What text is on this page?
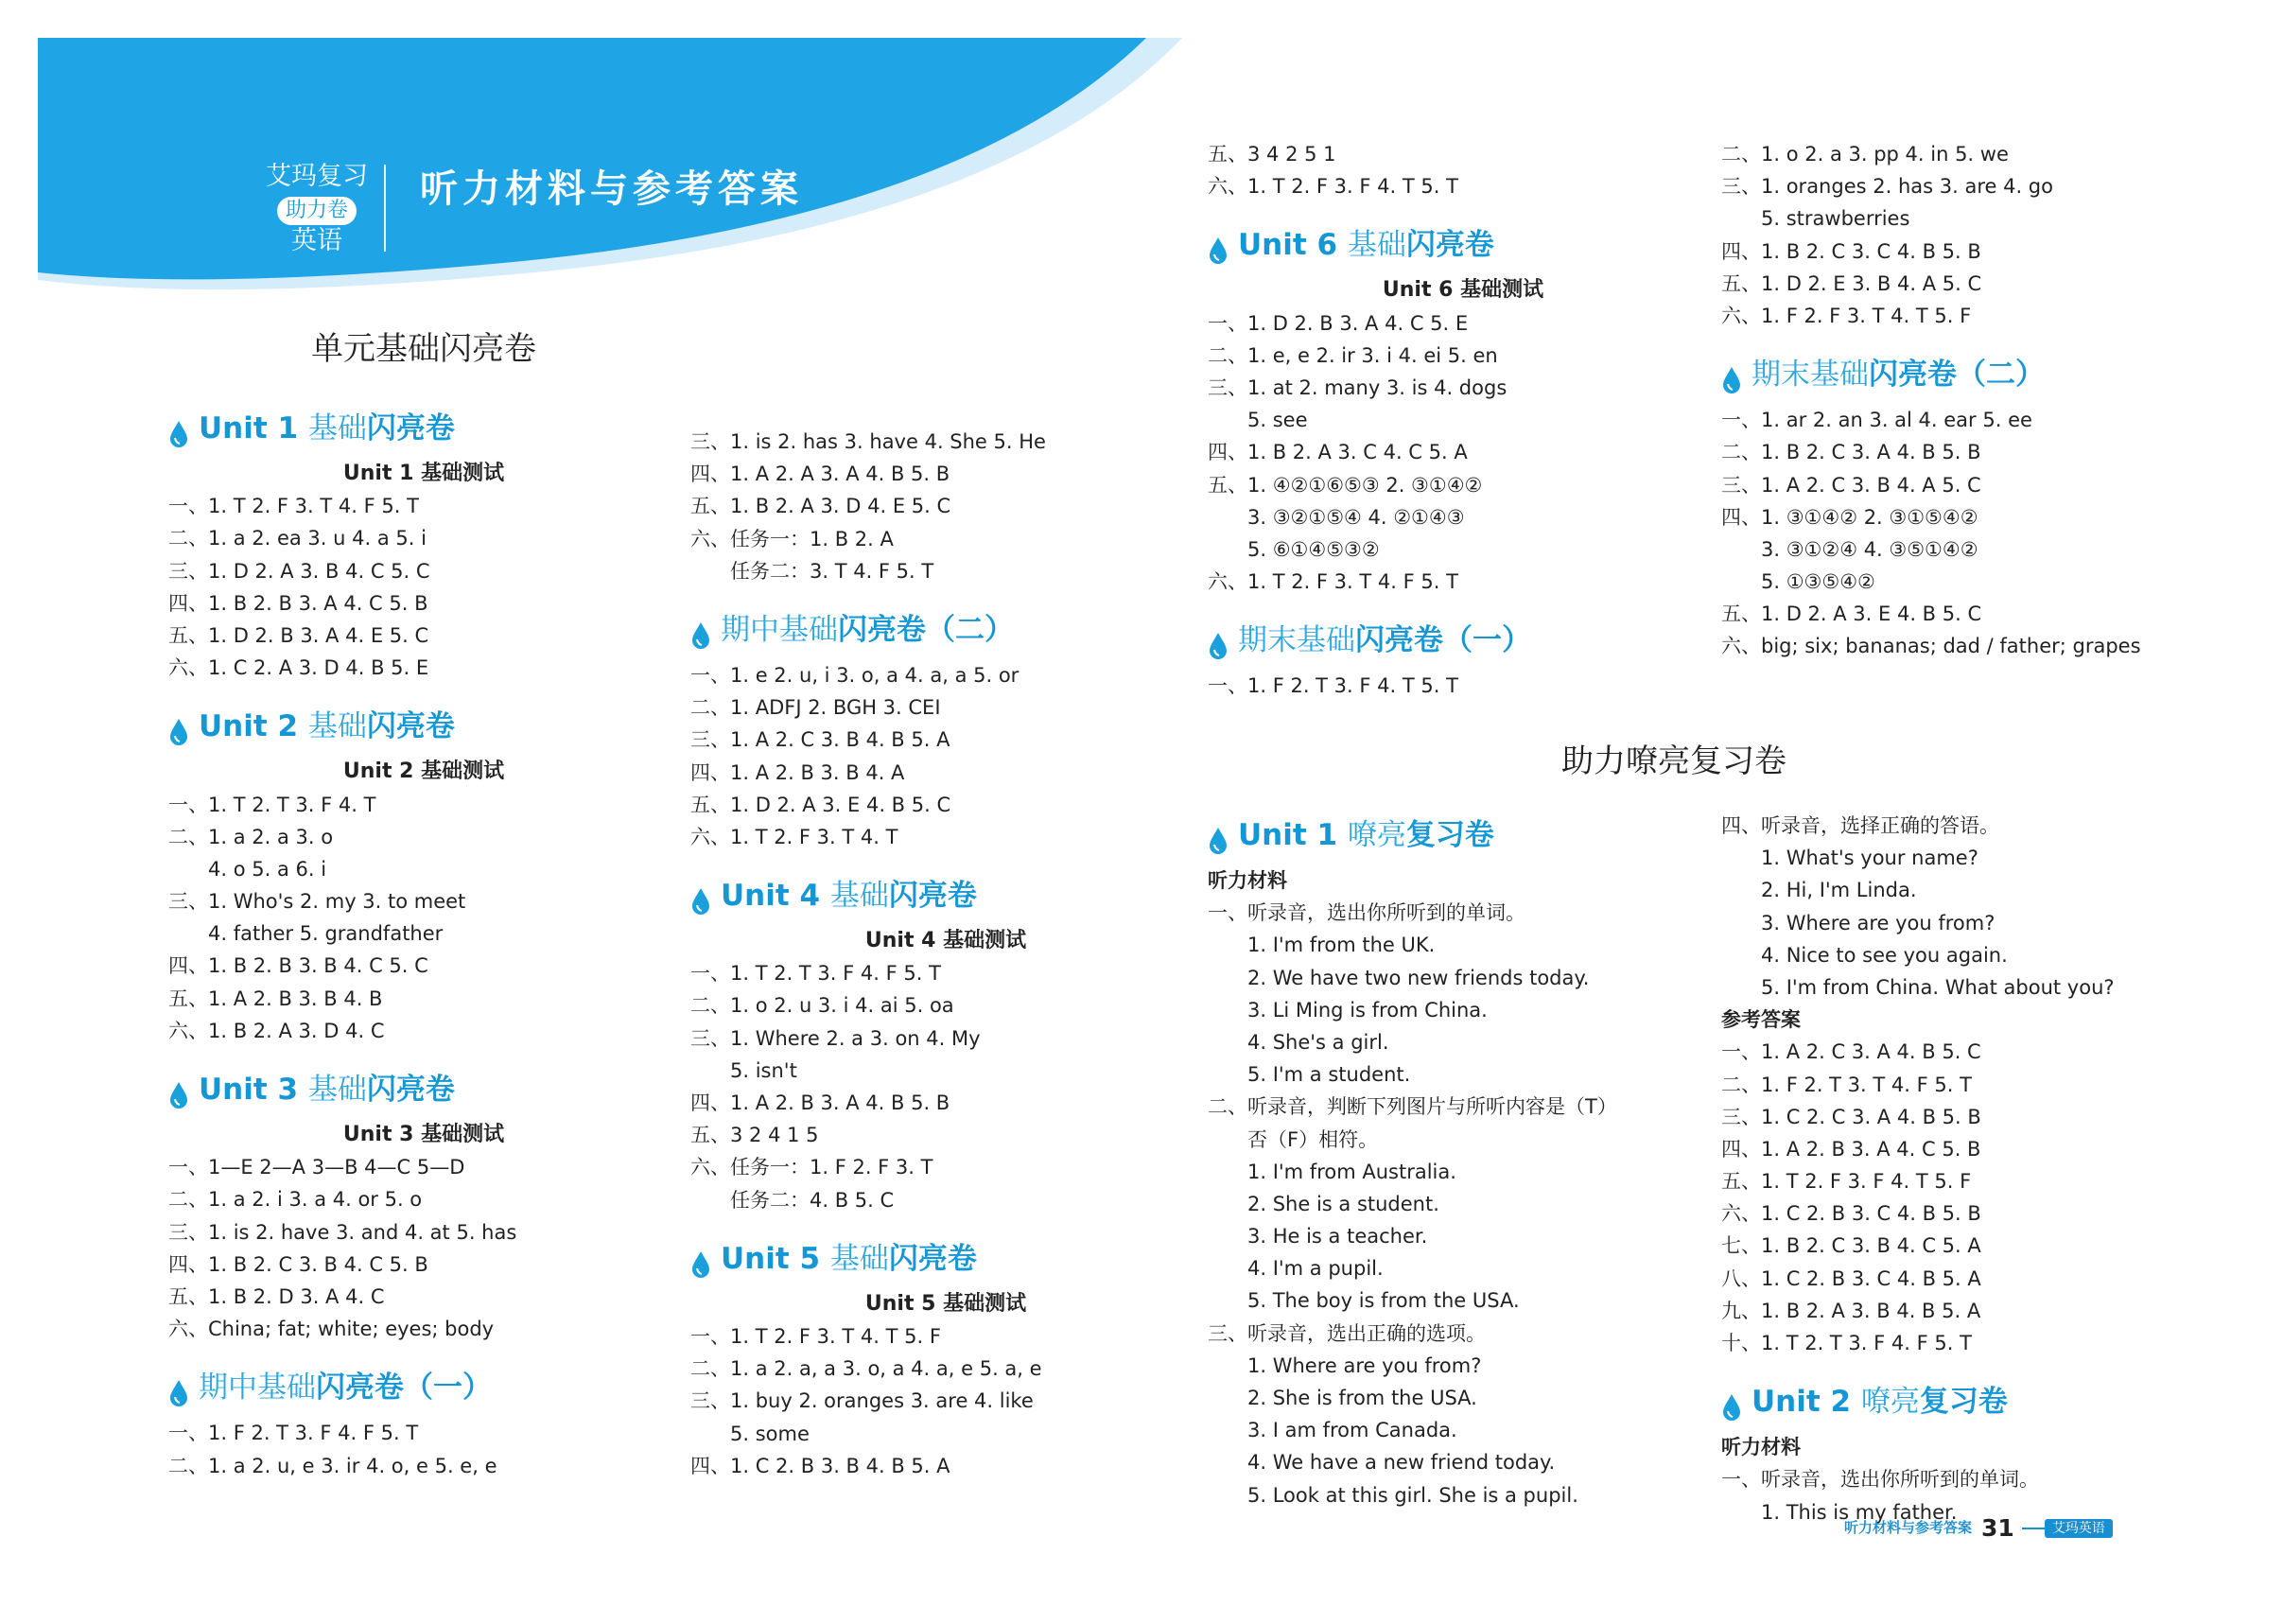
艾玛复习
助力卷
英语
听力材料与参考答案
单元基础闪亮卷
Unit 1 基础闪亮卷
Unit 1 基础测试
一、1. T 2. F 3. T 4. F 5. T
二、1. a 2. ea 3. u 4. a 5. i
三、1. D 2. A 3. B 4. C 5. C
四、1. B 2. B 3. A 4. C 5. B
五、1. D 2. B 3. A 4. E 5. C
六、1. C 2. A 3. D 4. B 5. E
Unit 2 基础闪亮卷
Unit 2 基础测试
一、1. T 2. T 3. F 4. T
二、1. a 2. a 3. o
4. o 5. a 6. i
三、1. Who's 2. my 3. to meet
4. father 5. grandfather
四、1. B 2. B 3. B 4. C 5. C
五、1. A 2. B 3. B 4. B
六、1. B 2. A 3. D 4. C
Unit 3 基础闪亮卷
Unit 3 基础测试
一、1—E 2—A 3—B 4—C 5—D
二、1. a 2. i 3. a 4. or 5. o
三、1. is 2. have 3. and 4. at 5. has
四、1. B 2. C 3. B 4. C 5. B
五、1. B 2. D 3. A 4. C
六、China; fat; white; eyes; body
期中基础闪亮卷（一）
一、1. F 2. T 3. F 4. F 5. T
二、1. a 2. u, e 3. ir 4. o, e 5. e, e
三、1. is 2. has 3. have 4. She 5. He
四、1. A 2. A 3. A 4. B 5. B
五、1. B 2. A 3. D 4. E 5. C
六、任务一：1. B 2. A
任务二：3. T 4. F 5. T
期中基础闪亮卷（二）
一、1. e 2. u, i 3. o, a 4. a, a 5. or
二、1. ADFJ 2. BGH 3. CEI
三、1. A 2. C 3. B 4. B 5. A
四、1. A 2. B 3. B 4. A
五、1. D 2. A 3. E 4. B 5. C
六、1. T 2. F 3. T 4. T
Unit 4 基础闪亮卷
Unit 4 基础测试
一、1. T 2. T 3. F 4. F 5. T
二、1. o 2. u 3. i 4. ai 5. oa
三、1. Where 2. a 3. on 4. My
5. isn't
四、1. A 2. B 3. A 4. B 5. B
五、3 2 4 1 5
六、任务一：1. F 2. F 3. T
任务二：4. B 5. C
Unit 5 基础闪亮卷
Unit 5 基础测试
一、1. T 2. F 3. T 4. T 5. F
二、1. a 2. a, a 3. o, a 4. a, e 5. a, e
三、1. buy 2. oranges 3. are 4. like
5. some
四、1. C 2. B 3. B 4. B 5. A
五、3 4 2 5 1
六、1. T 2. F 3. F 4. T 5. T
Unit 6 基础闪亮卷
Unit 6 基础测试
一、1. D 2. B 3. A 4. C 5. E
二、1. e, e 2. ir 3. i 4. ei 5. en
三、1. at 2. many 3. is 4. dogs
5. see
四、1. B 2. A 3. C 4. C 5. A
五、1. ④②①⑥⑤③ 2. ③①④②
3. ③②①⑤④ 4. ②①④③
5. ⑥①④⑤③②
六、1. T 2. F 3. T 4. F 5. T
期末基础闪亮卷（一）
一、1. F 2. T 3. F 4. T 5. T
助力嘹亮复习卷
Unit 1 嘹亮复习卷
听力材料
一、听录音，选出你所听到的单词。
1. I'm from the UK.
2. We have two new friends today.
3. Li Ming is from China.
4. She's a girl.
5. I'm a student.
二、听录音，判断下列图片与所听内容是（T）
否（F）相符。
1. I'm from Australia.
2. She is a student.
3. He is a teacher.
4. I'm a pupil.
5. The boy is from the USA.
三、听录音，选出正确的选项。
1. Where are you from?
2. She is from the USA.
3. I am from Canada.
4. We have a new friend today.
5. Look at this girl. She is a pupil.
二、1. o 2. a 3. pp 4. in 5. we
三、1. oranges 2. has 3. are 4. go
5. strawberries
四、1. B 2. C 3. C 4. B 5. B
五、1. D 2. E 3. B 4. A 5. C
六、1. F 2. F 3. T 4. T 5. F
期末基础闪亮卷（二）
一、1. ar 2. an 3. al 4. ear 5. ee
二、1. B 2. C 3. A 4. B 5. B
三、1. A 2. C 3. B 4. A 5. C
四、1. ③①④② 2. ③①⑤④②
3. ③①②④ 4. ③⑤①④②
5. ①③⑤④②
五、1. D 2. A 3. E 4. B 5. C
六、big; six; bananas; dad / father; grapes
四、听录音，选择正确的答语。
1. What's your name?
2. Hi, I'm Linda.
3. Where are you from?
4. Nice to see you again.
5. I'm from China. What about you?
参考答案
一、1. A 2. C 3. A 4. B 5. C
二、1. F 2. T 3. T 4. F 5. T
三、1. C 2. C 3. A 4. B 5. B
四、1. A 2. B 3. A 4. C 5. B
五、1. T 2. F 3. F 4. T 5. F
六、1. C 2. B 3. C 4. B 5. B
七、1. B 2. C 3. B 4. C 5. A
八、1. C 2. B 3. C 4. B 5. A
九、1. B 2. A 3. B 4. B 5. A
十、1. T 2. T 3. F 4. F 5. T
Unit 2 嘹亮复习卷
听力材料
一、听录音，选出你所听到的单词。
1. This is my father.
听力材料与参考答案 31	艾玛英语
